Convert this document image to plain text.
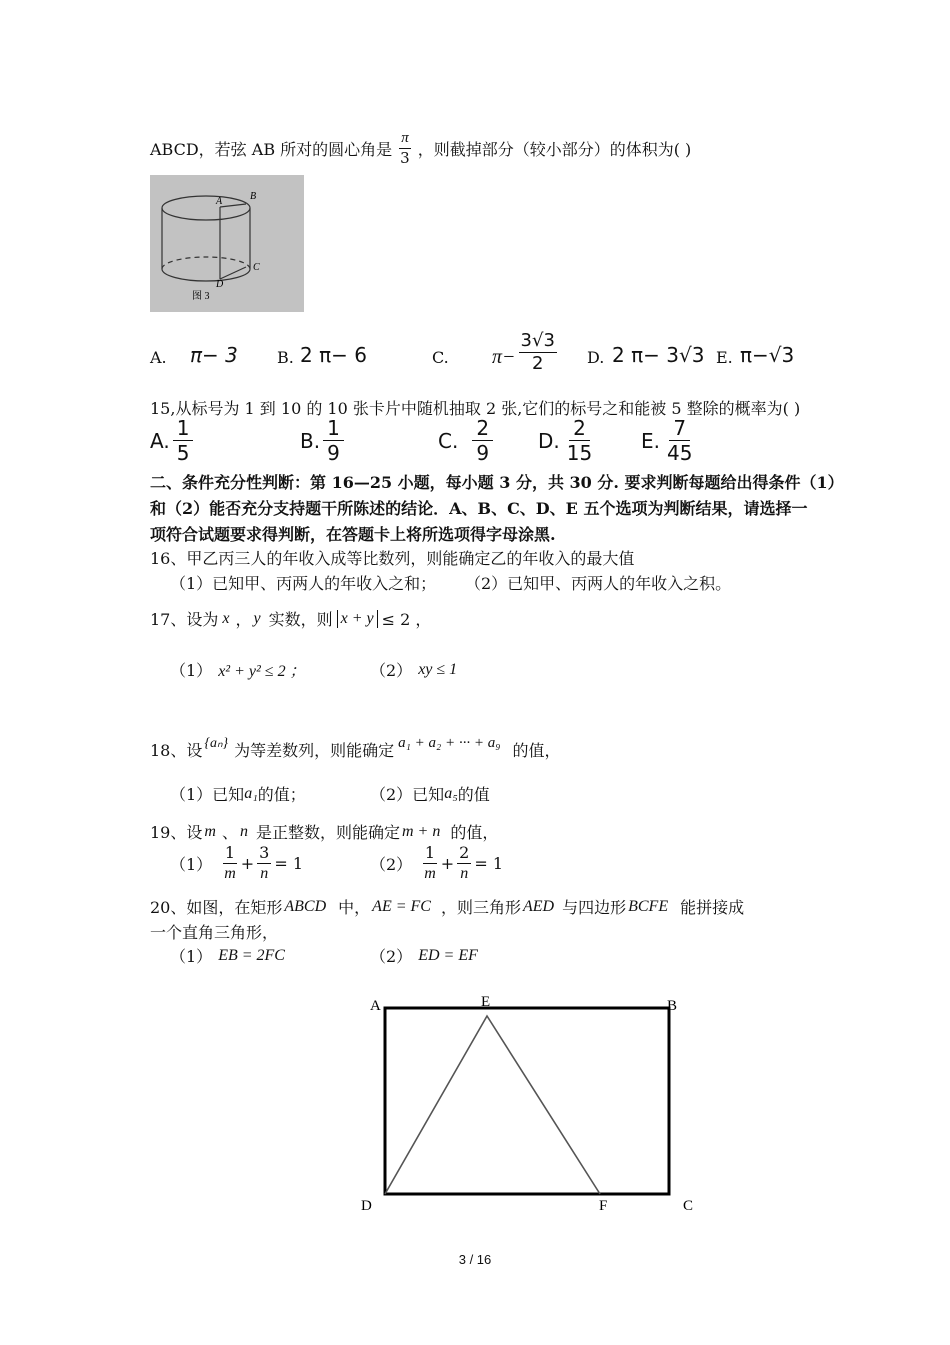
ABCD，若弦 AB 所对的圆心角是 $\frac{\pi}{3}$ ，则截掉部分（较小部分）的体积为( )
A	B
C
D
图 3
A. π− 3 B. 2 π− 6	C. $\pi- \frac{3√3}{2} D$. 2 π− 3√3 E. π−√3
15,从标号为 1 到 10 的 10 张卡片中随机抽取 2 张,它们的标号之和能被 5 整除的概率为( )
A. $\frac{1}{5}$	B. $\frac{1}{9}$	C. $\frac{2}{9} D$. $\frac{2}{15} E$. $\frac{7}{45}$
二、条件充分性判断：第 16—25 小题，每小题 3 分，共 30 分. 要求判断每题给出得条件（1）
和（2）能否充分支持题干所陈述的结论．A、B、C、D、E 五个选项为判断结果，请选择一
项符合试题要求得判断，在答题卡上将所选项得字母涂黑.
16、甲乙丙三人的年收入成等比数列，则能确定乙的年收入的最大值
（1）已知甲、丙两人的年收入之和； （2）已知甲、丙两人的年收入之积。
17、设为 x ， y 实数，则 x + y ≤ 2 ，
（1） x² + y² ≤ 2 ；	（2） xy ≤ 1
18、设 {aₙ} 为等差数列，则能确定 a₁ + a₂ + ··· + a₉ 的值，
（1）已知 a₁ 的值；	（2）已知 a₅ 的值
19、设 m 、 n 是正整数，则能确定 m + n 的值，
$(1) \frac{1}{m} + \frac{3}{n} = 1$	$(2) \frac{1}{m} + \frac{2}{n} = 1$
20、如图，在矩形 ABCD 中， AE = FC ，则三角形 AED 与四边形 BCFE 能拼接成
一个直角三角形，
（1） EB = 2FC	（2） ED = EF
A	E	B
D	F	C
3 / 16
